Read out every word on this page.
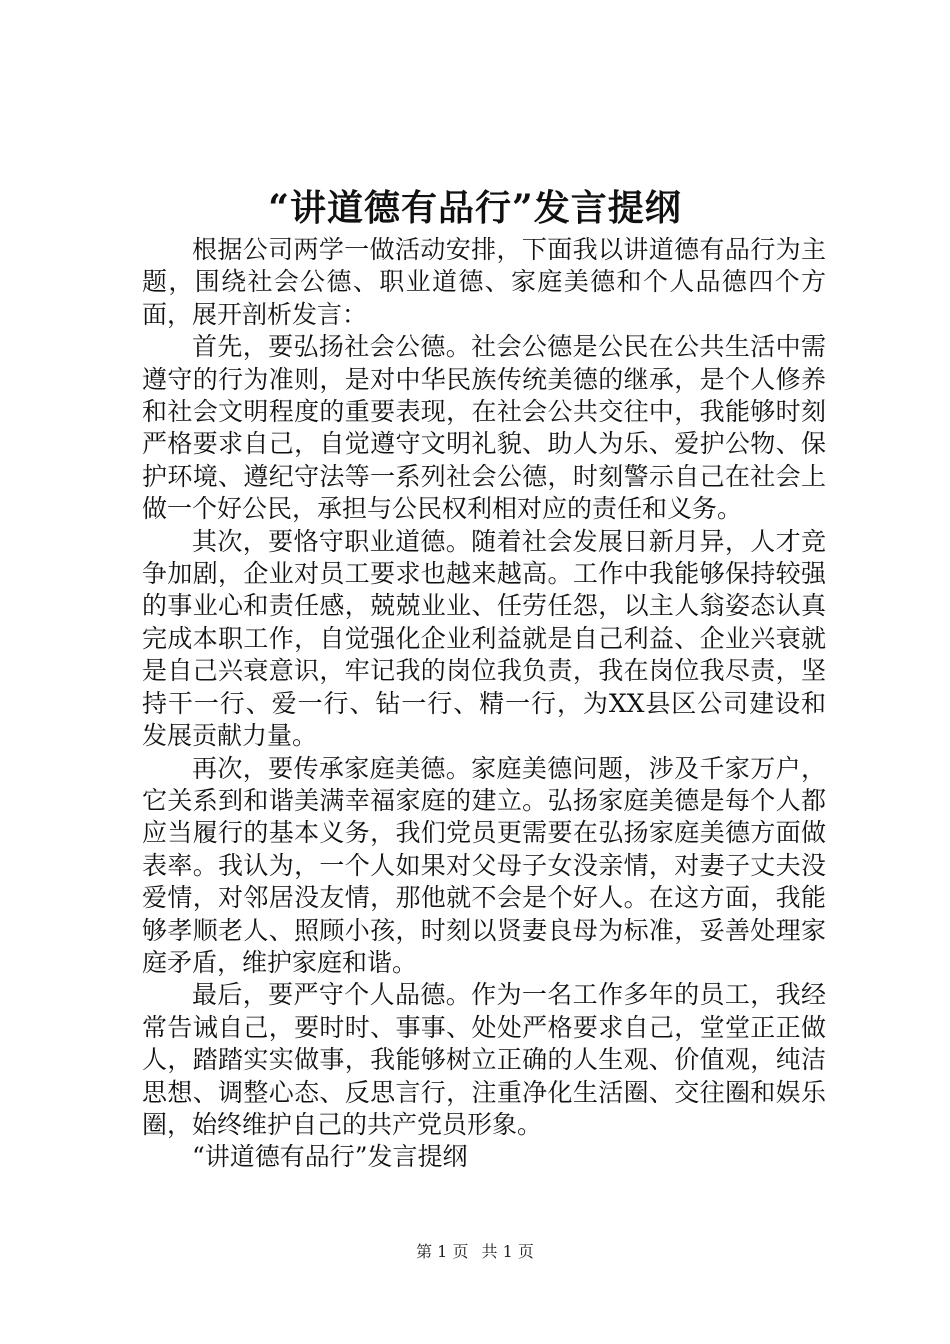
“讲道德有品行”发言提纲

根据公司两学一做活动安排，下面我以讲道德有品行为主题，围绕社会公德、职业道德、家庭美德和个人品德四个方面，展开剖析发言：

首先，要弘扬社会公德。社会公德是公民在公共生活中需遵守的行为准则，是对中华民族传统美德的继承，是个人修养和社会文明程度的重要表现，在社会公共交往中，我能够时刻严格要求自己，自觉遵守文明礼貌、助人为乐、爱护公物、保护环境、遵纪守法等一系列社会公德，时刻警示自己在社会上做一个好公民，承担与公民权利相对应的责任和义务。

其次，要恪守职业道德。随着社会发展日新月异，人才竞争加剧，企业对员工要求也越来越高。工作中我能够保持较强的事业心和责任感，兢兢业业、任劳任怨，以主人翁姿态认真完成本职工作，自觉强化企业利益就是自己利益、企业兴衰就是自己兴衰意识，牢记我的岗位我负责，我在岗位我尽责，坚持干一行、爱一行、钻一行、精一行，为XX县区公司建设和发展贡献力量。

再次，要传承家庭美德。家庭美德问题，涉及千家万户，它关系到和谐美满幸福家庭的建立。弘扬家庭美德是每个人都应当履行的基本义务，我们党员更需要在弘扬家庭美德方面做表率。我认为，一个人如果对父母子女没亲情，对妻子丈夫没爱情，对邻居没友情，那他就不会是个好人。在这方面，我能够孝顺老人、照顾小孩，时刻以贤妻良母为标准，妥善处理家庭矛盾，维护家庭和谐。

最后，要严守个人品德。作为一名工作多年的员工，我经常告诫自己，要时时、事事、处处严格要求自己，堂堂正正做人，踏踏实实做事，我能够树立正确的人生观、价值观，纯洁思想、调整心态、反思言行，注重净化生活圈、交往圈和娱乐圈，始终维护自己的共产党员形象。

“讲道德有品行”发言提纲

第 1 页 共 1 页
